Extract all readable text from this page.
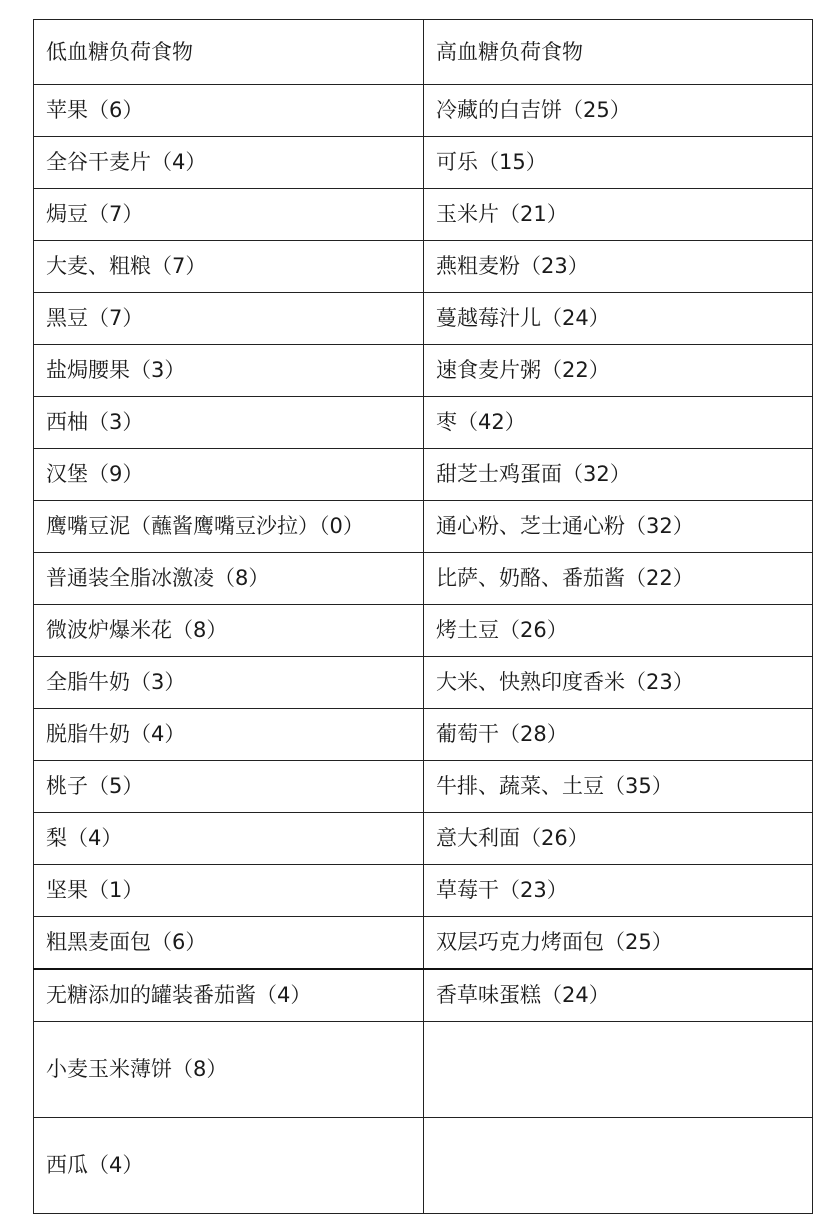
低血糖负荷食物	高血糖负荷食物
苹果（6）	冷藏的白吉饼（25）
全谷干麦片（4）	可乐（15）
焗豆（7）	玉米片（21）
大麦、粗粮（7）	燕粗麦粉（23）
黑豆（7）	蔓越莓汁儿（24）
盐焗腰果（3）	速食麦片粥（22）
西柚（3）	枣（42）
汉堡（9）	甜芝士鸡蛋面（32）
鹰嘴豆泥（蘸酱鹰嘴豆沙拉）（0）	通心粉、芝士通心粉（32）
普通装全脂冰激凌（8）	比萨、奶酪、番茄酱（22）
微波炉爆米花（8）	烤土豆（26）
全脂牛奶（3）	大米、快熟印度香米（23）
脱脂牛奶（4）	葡萄干（28）
桃子（5）	牛排、蔬菜、土豆（35）
梨（4）	意大利面（26）
坚果（1）	草莓干（23）
粗黑麦面包（6）	双层巧克力烤面包（25）
无糖添加的罐装番茄酱（4）	香草味蛋糕（24）
小麦玉米薄饼（8）	
西瓜（4）	
